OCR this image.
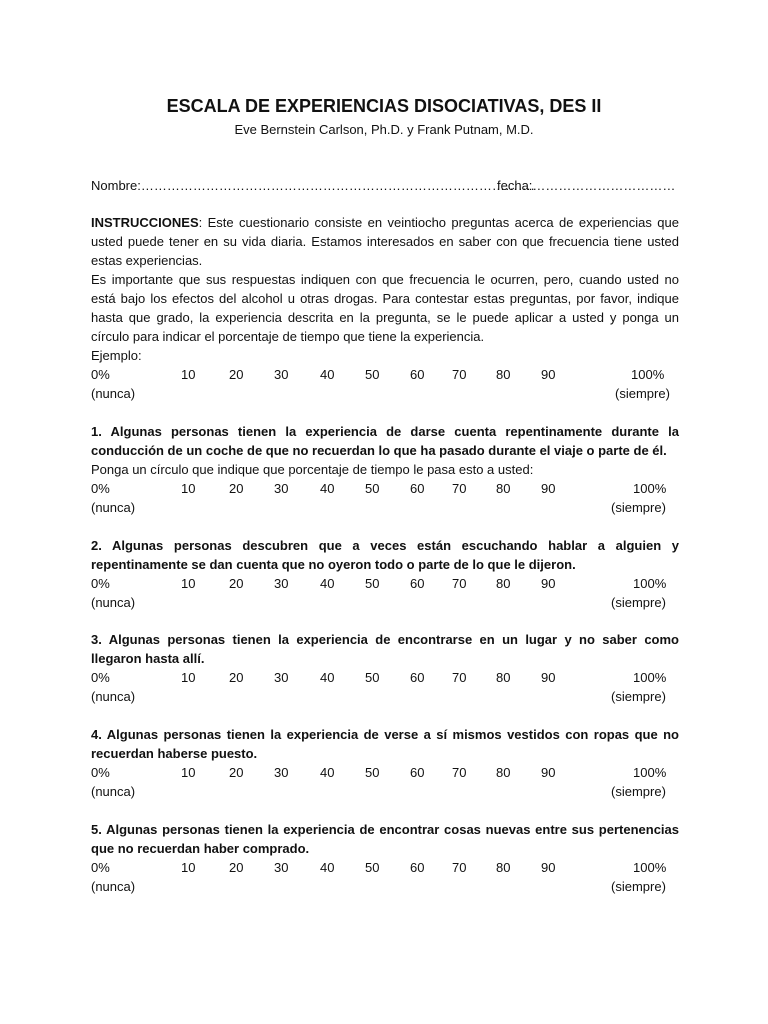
ESCALA DE EXPERIENCIAS DISOCIATIVAS, DES II
Eve Bernstein Carlson, Ph.D. y Frank Putnam, M.D.
Nombre:……………………………………………………………………………….
fecha:……………………………

INSTRUCCIONES: Este cuestionario consiste en veintiocho preguntas acerca de experiencias que usted puede tener en su vida diaria. Estamos interesados en saber con que frecuencia tiene usted estas experiencias.

Es importante que sus respuestas indiquen con que frecuencia le ocurren, pero, cuando usted no está bajo los efectos del alcohol u otras drogas. Para contestar estas preguntas, por favor, indique hasta que grado, la experiencia descrita en la pregunta, se le puede aplicar a usted y ponga un círculo para indicar el porcentaje de tiempo que tiene la experiencia.

Ejemplo:

0%	10	20 30 40 50 60 70 80 90	100%
(nunca)	(siempre)

1. Algunas personas tienen la experiencia de darse cuenta repentinamente durante la conducción de un coche de que no recuerdan lo que ha pasado durante el viaje o parte de él.

Ponga un círculo que indique que porcentaje de tiempo le pasa esto a usted:

0%	10	20 30 40 50 60 70 80 90	100%
(nunca)	(siempre)

2. Algunas personas descubren que a veces están escuchando hablar a alguien y repentinamente se dan cuenta que no oyeron todo o parte de lo que le dijeron.

0%	10	20 30 40 50 60 70 80 90	100%
(nunca)	(siempre)

3. Algunas personas tienen la experiencia de encontrarse en un lugar y no saber como llegaron hasta allí.

0%	10	20 30 40 50 60 70 80 90	100%
(nunca)	(siempre)

4. Algunas personas tienen la experiencia de verse a sí mismos vestidos con ropas que no recuerdan haberse puesto.

0%	10	20 30 40 50 60 70 80 90	100%
(nunca)	(siempre)

5. Algunas personas tienen la experiencia de encontrar cosas nuevas entre sus pertenencias que no recuerdan haber comprado.

0%	10	20 30 40 50 60 70 80 90	100%
(nunca)	(siempre)
